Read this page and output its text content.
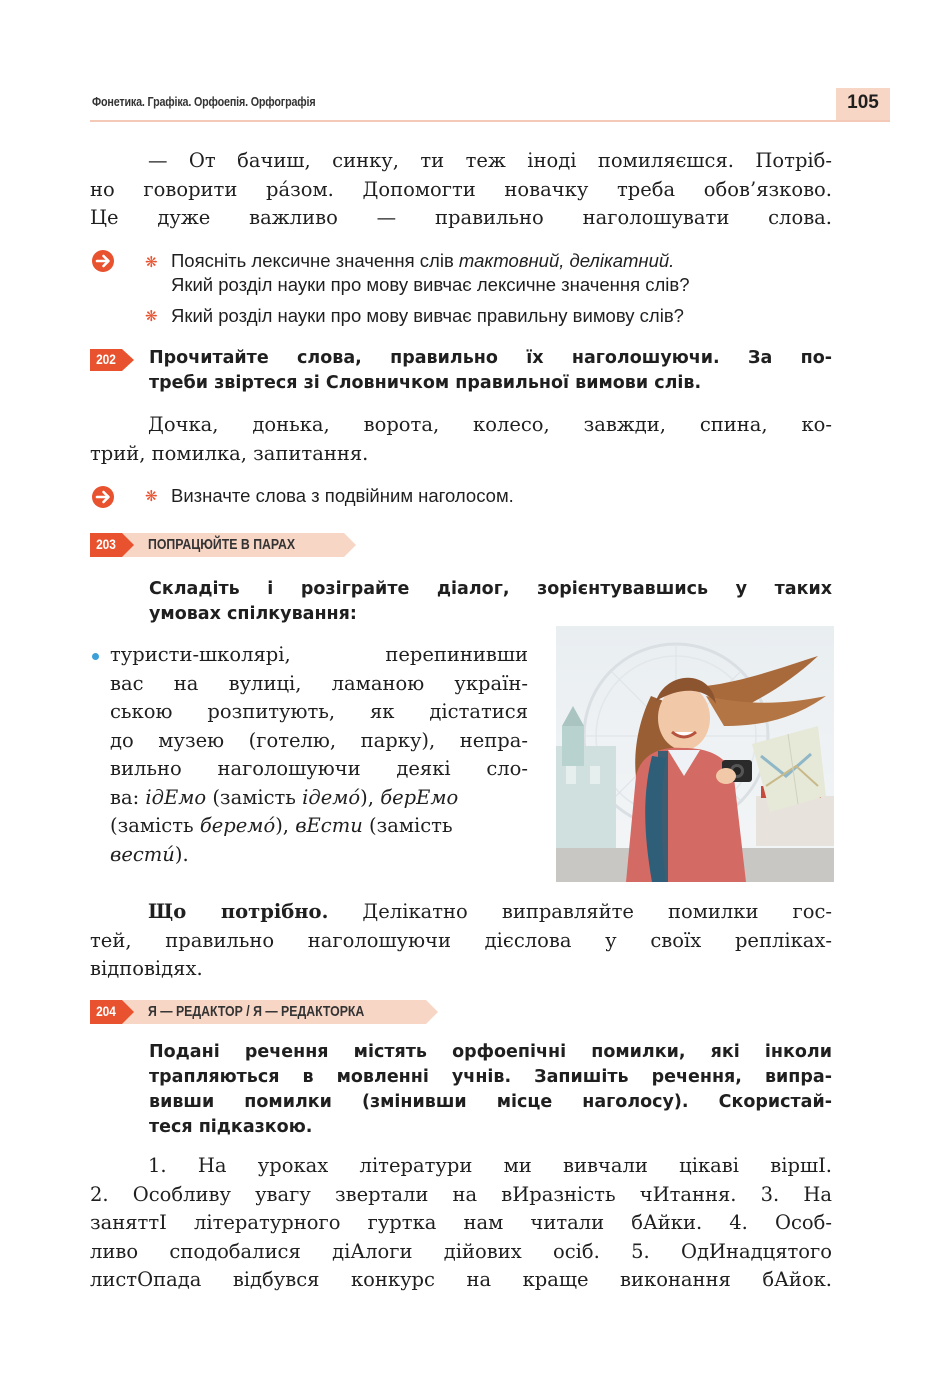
Фонетика. Графіка. Орфоепія. Орфографія	105
— От бачиш, синку, ти теж іноді помиляєшся. Потріб-
но говорити ра́зом. Допомогти новачку треба обов’язково.
Це дуже важливо — правильно наголошувати слова.
❋ Поясніть лексичне значення слів тактовний, делікатний.
Який розділ науки про мову вивчає лексичне значення слів?
❋ Який розділ науки про мову вивчає правильну вимову слів?
202 Прочитайте слова, правильно їх наголошуючи. За по-
треби звіртеся зі Словничком правильної вимови слів.
Дочка, донька, ворота, колесо, завжди, спина, ко-
трий, помилка, запитання.
❋ Визначте слова з подвійним наголосом.
203 ПОПРАЦЮЙТЕ В ПАРАХ
Складіть і розіграйте діалог, зорієнтувавшись у таких
умовах спілкування:
туристи-школярі, перепинивши
вас на вулиці, ламаною україн-
ською розпитують, як дістатися
до музею (готелю, парку), непра-
вильно наголошуючи деякі сло-
ва: ідЕмо (замість ідемо́), берЕмо
(замість беремо́), вЕсти (замість
вести́).
Що потрібно. Делікатно виправляйте помилки гос-
тей, правильно наголошуючи дієслова у своїх репліках-
відповідях.
204 Я — РЕДАКТОР / Я — РЕДАКТОРКА
Подані речення містять орфоепічні помилки, які інколи
трапляються в мовленні учнів. Запишіть речення, випра-
вивши помилки (змінивши місце наголосу). Скористай-
теся підказкою.
1. На уроках літератури ми вивчали цікаві віршІ.
2. Особливу увагу звертали на вИразність чИтання. 3. На
заняттІ літературного гуртка нам читали бАйки. 4. Особ-
ливо сподобалися діАлоги дійових осіб. 5. ОдИнадцятого
листОпада відбувся конкурс на краще виконання бАйок.
